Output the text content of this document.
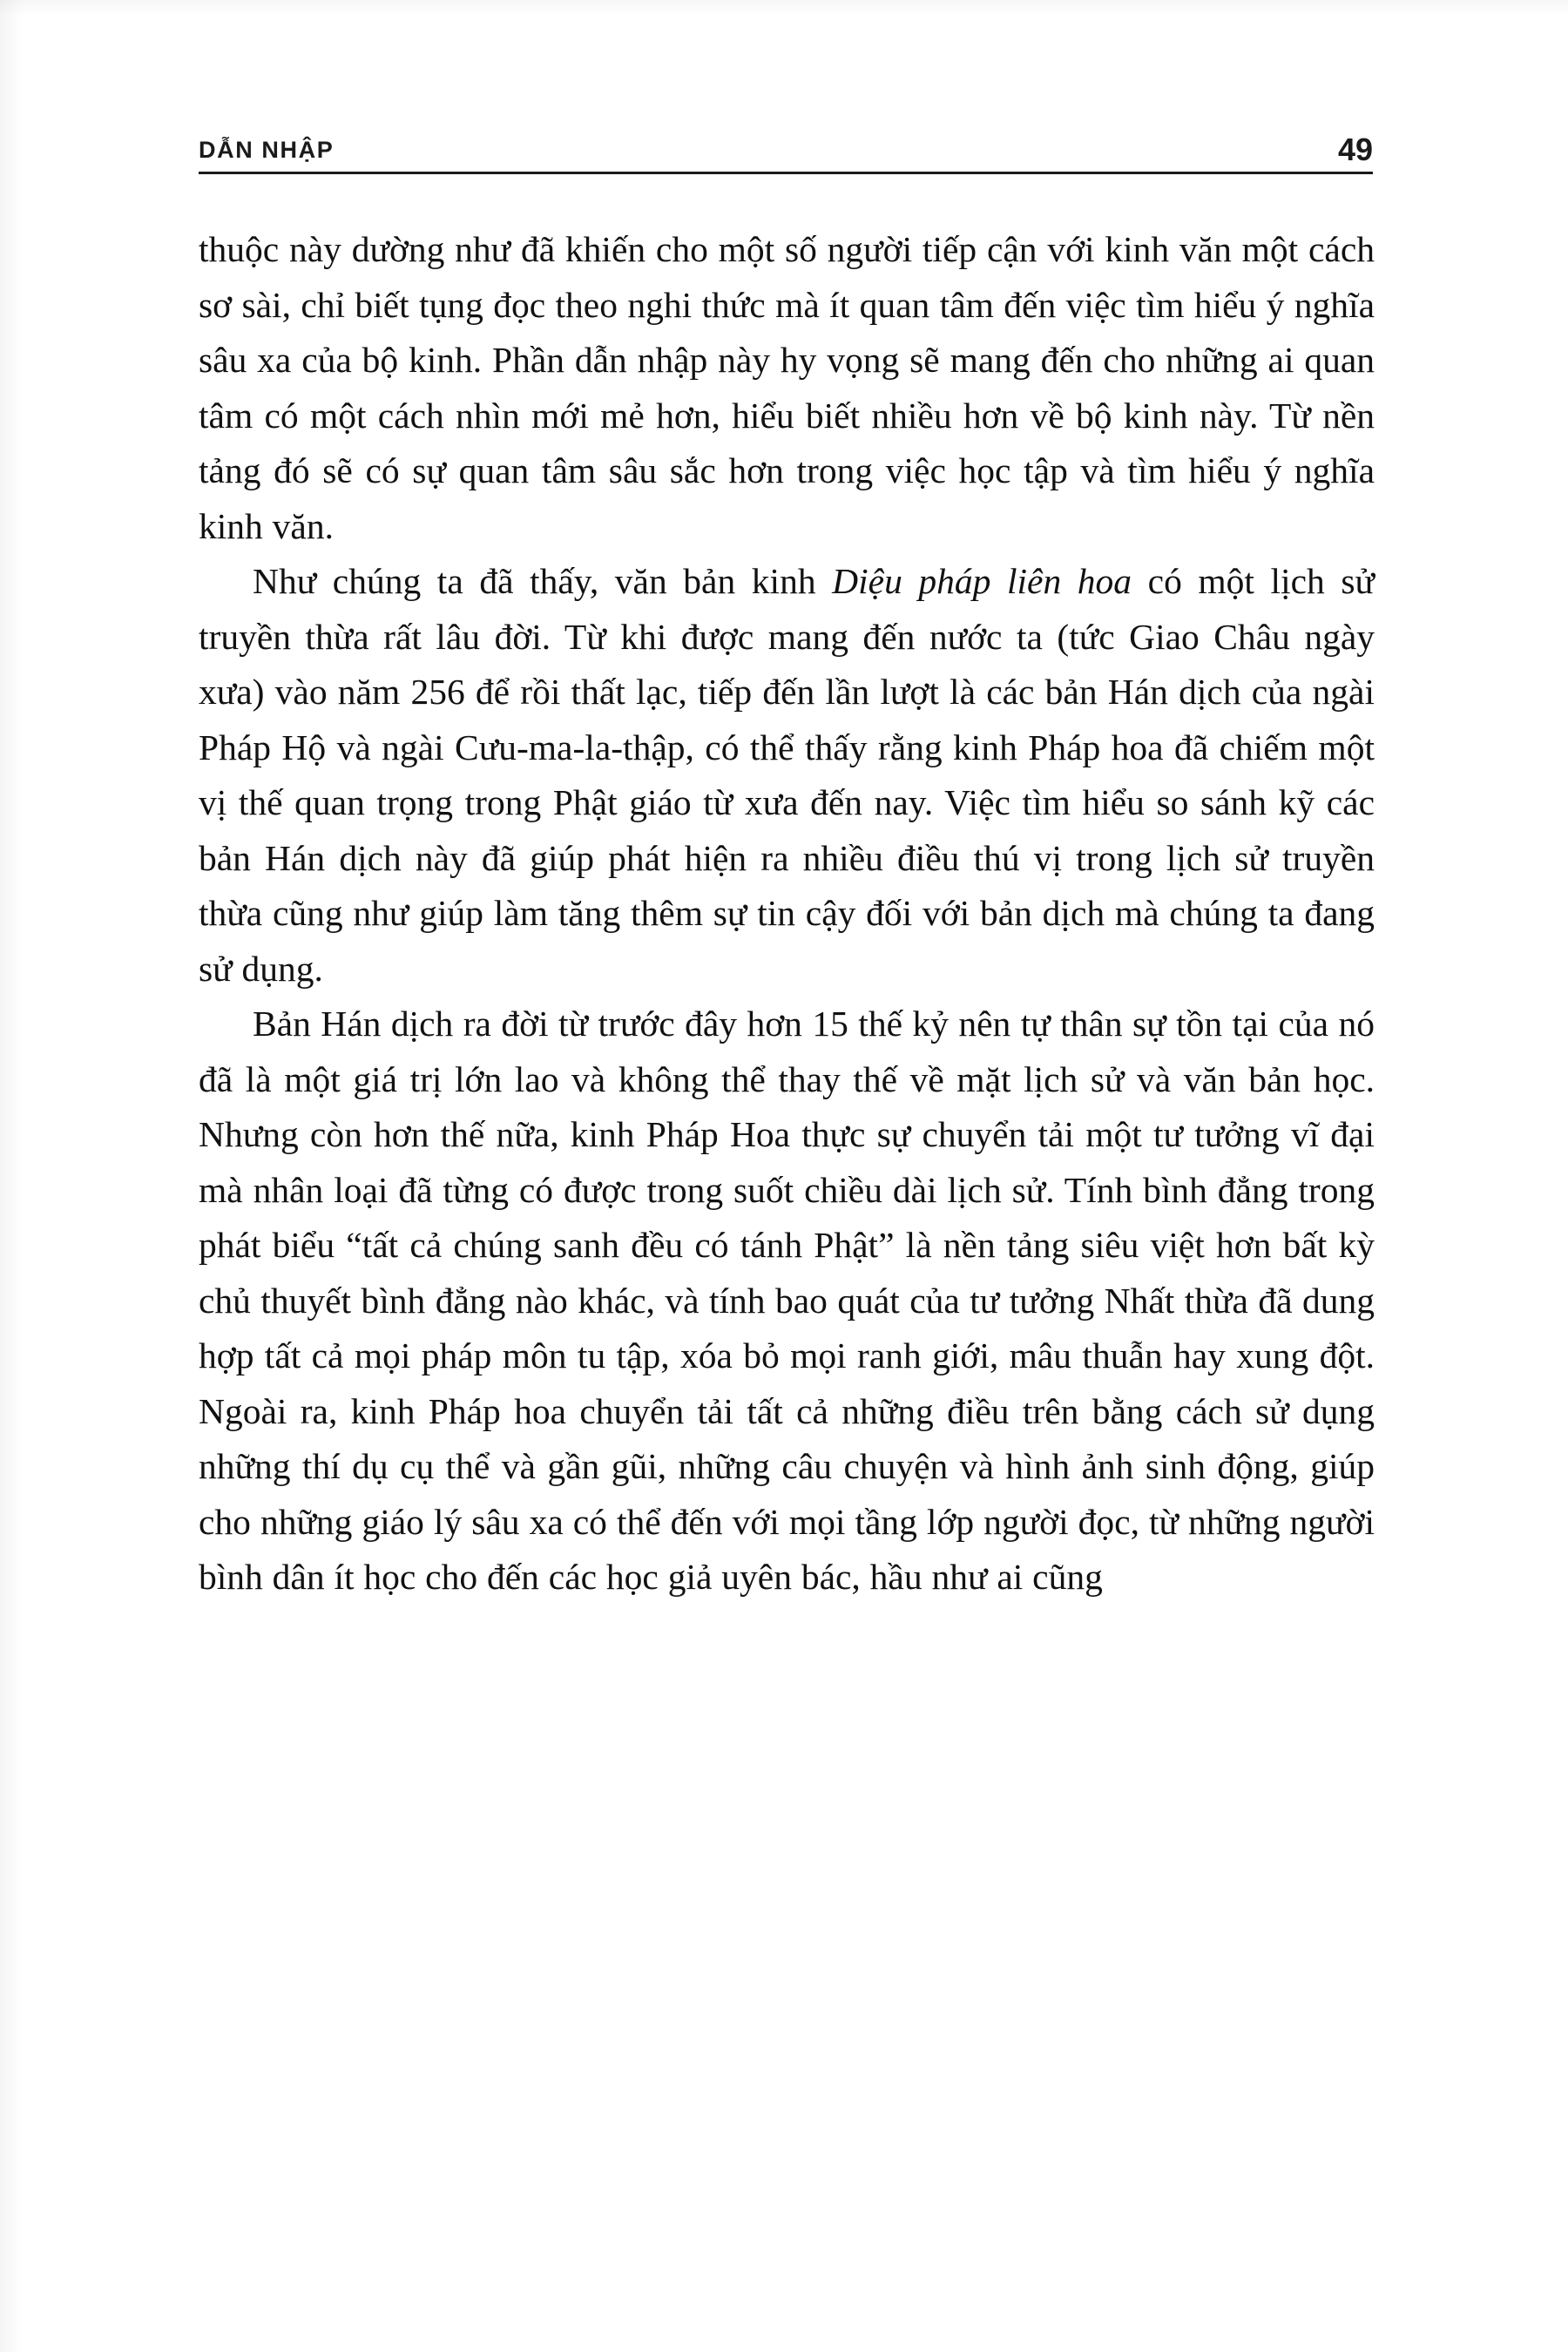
DẪN NHẬP	49

thuộc này dường như đã khiến cho một số người tiếp cận với kinh văn một cách sơ sài, chỉ biết tụng đọc theo nghi thức mà ít quan tâm đến việc tìm hiểu ý nghĩa sâu xa của bộ kinh. Phần dẫn nhập này hy vọng sẽ mang đến cho những ai quan tâm có một cách nhìn mới mẻ hơn, hiểu biết nhiều hơn về bộ kinh này. Từ nền tảng đó sẽ có sự quan tâm sâu sắc hơn trong việc học tập và tìm hiểu ý nghĩa kinh văn.

Như chúng ta đã thấy, văn bản kinh Diệu pháp liên hoa có một lịch sử truyền thừa rất lâu đời. Từ khi được mang đến nước ta (tức Giao Châu ngày xưa) vào năm 256 để rồi thất lạc, tiếp đến lần lượt là các bản Hán dịch của ngài Pháp Hộ và ngài Cưu-ma-la-thập, có thể thấy rằng kinh Pháp hoa đã chiếm một vị thế quan trọng trong Phật giáo từ xưa đến nay. Việc tìm hiểu so sánh kỹ các bản Hán dịch này đã giúp phát hiện ra nhiều điều thú vị trong lịch sử truyền thừa cũng như giúp làm tăng thêm sự tin cậy đối với bản dịch mà chúng ta đang sử dụng.

Bản Hán dịch ra đời từ trước đây hơn 15 thế kỷ nên tự thân sự tồn tại của nó đã là một giá trị lớn lao và không thể thay thế về mặt lịch sử và văn bản học. Nhưng còn hơn thế nữa, kinh Pháp Hoa thực sự chuyển tải một tư tưởng vĩ đại mà nhân loại đã từng có được trong suốt chiều dài lịch sử. Tính bình đẳng trong phát biểu “tất cả chúng sanh đều có tánh Phật” là nền tảng siêu việt hơn bất kỳ chủ thuyết bình đẳng nào khác, và tính bao quát của tư tưởng Nhất thừa đã dung hợp tất cả mọi pháp môn tu tập, xóa bỏ mọi ranh giới, mâu thuẫn hay xung đột. Ngoài ra, kinh Pháp hoa chuyển tải tất cả những điều trên bằng cách sử dụng những thí dụ cụ thể và gần gũi, những câu chuyện và hình ảnh sinh động, giúp cho những giáo lý sâu xa có thể đến với mọi tầng lớp người đọc, từ những người bình dân ít học cho đến các học giả uyên bác, hầu như ai cũng
